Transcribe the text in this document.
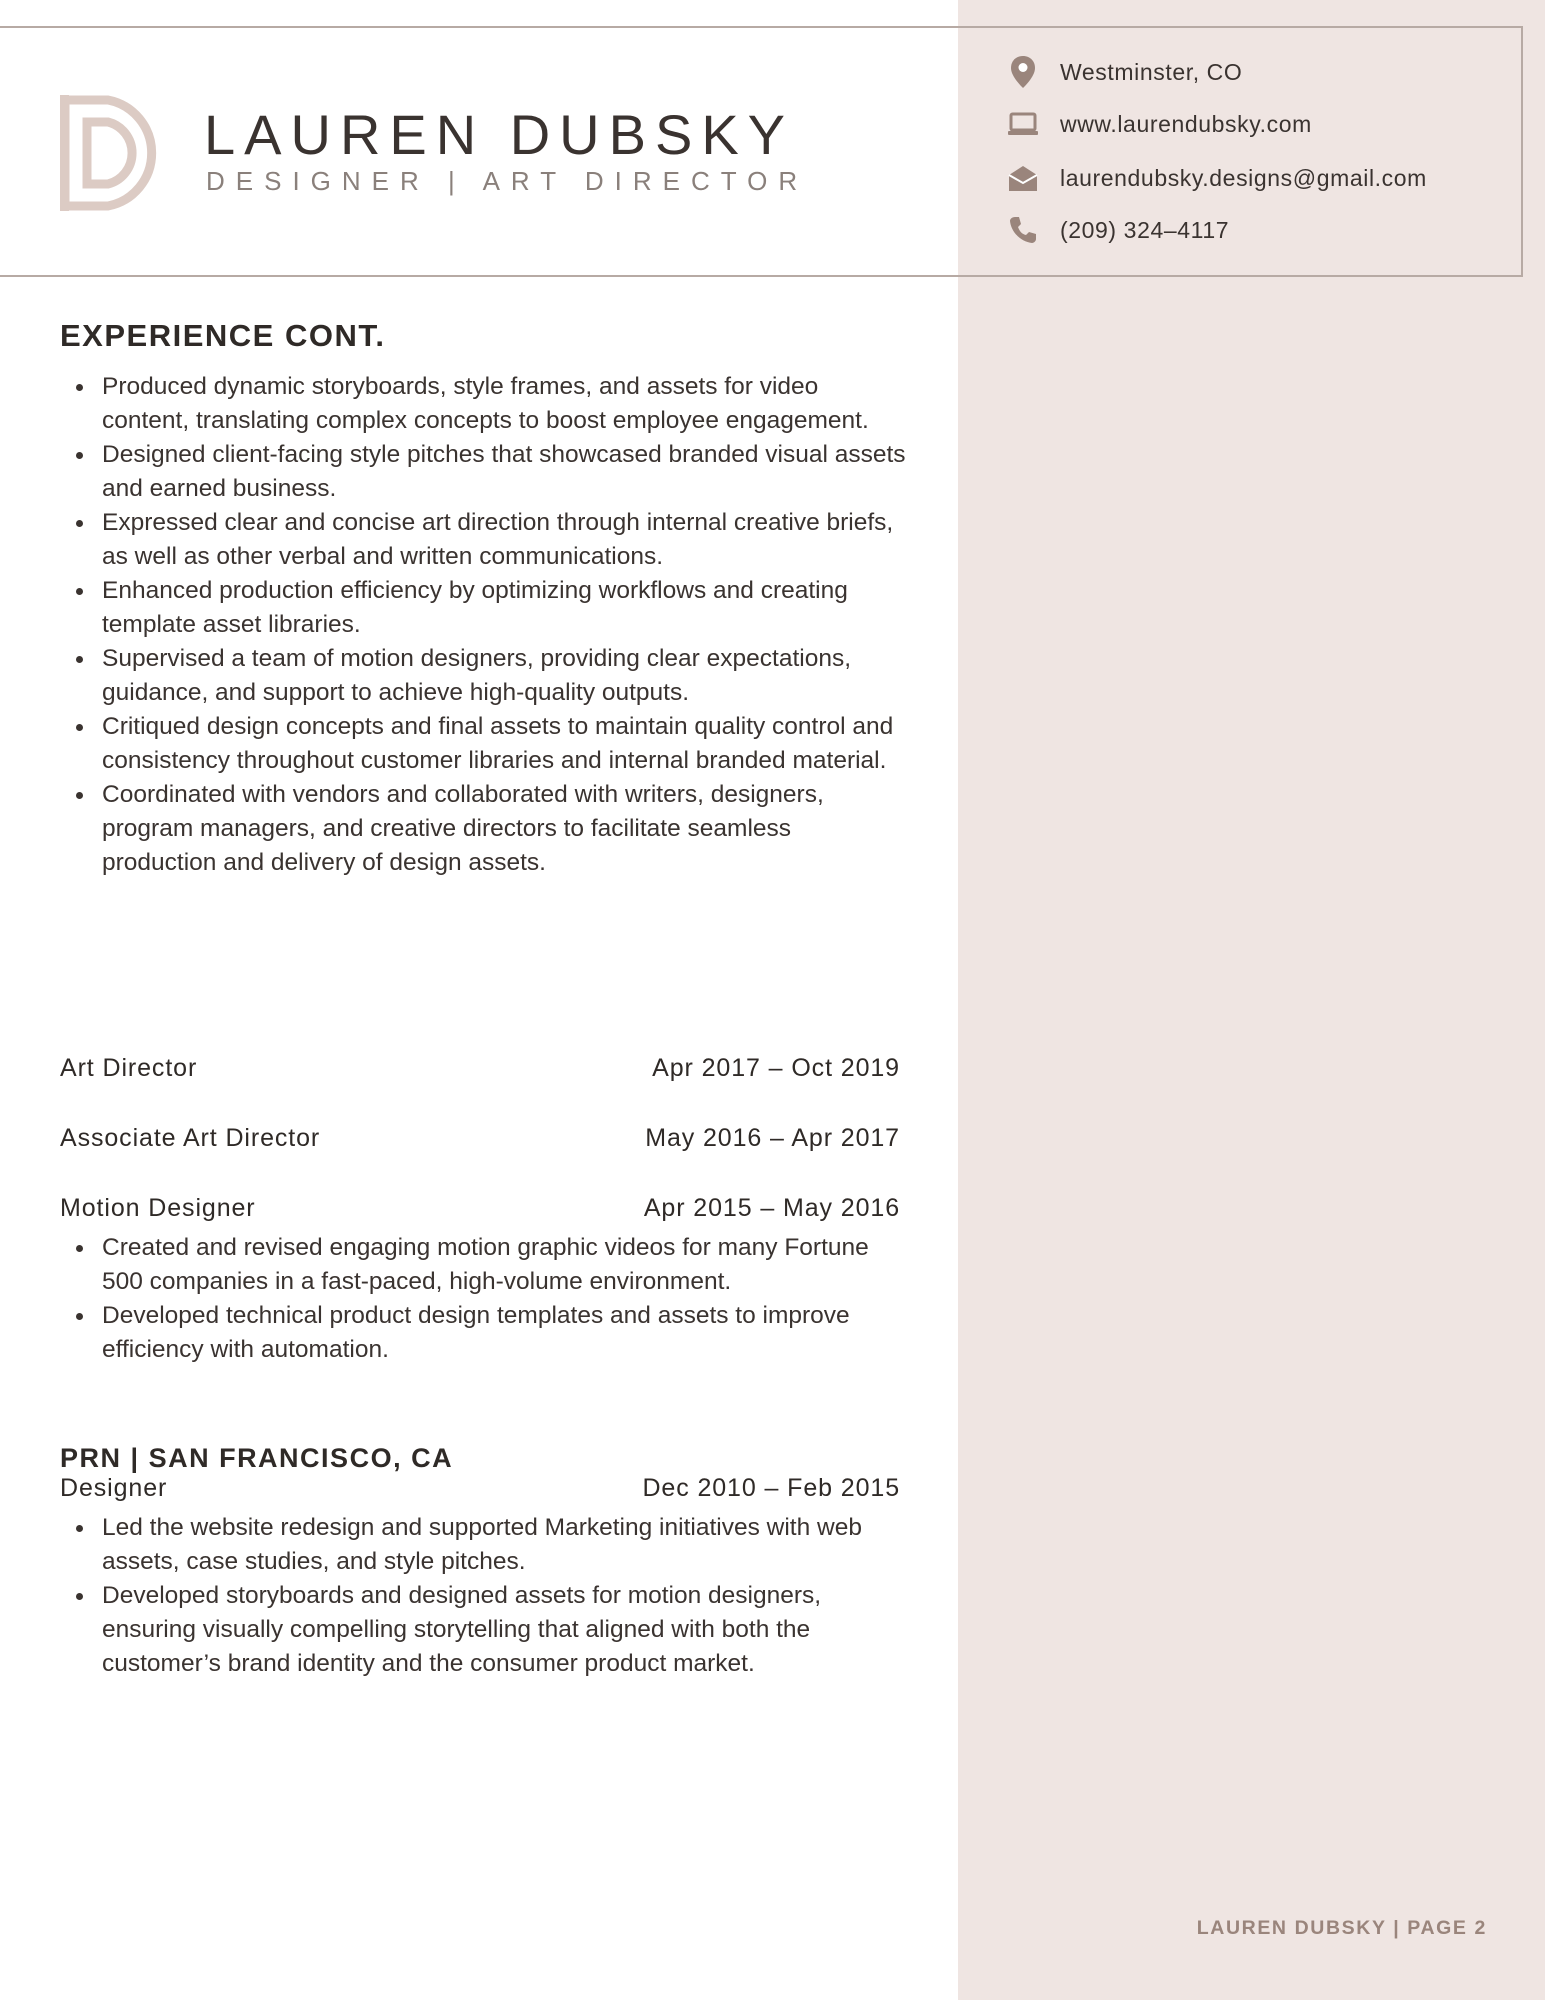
LAUREN DUBSKY
DESIGNER | ART DIRECTOR
Westminster, CO
www.laurendubsky.com
laurendubsky.designs@gmail.com
(209) 324–4117
EXPERIENCE CONT.
Produced dynamic storyboards, style frames, and assets for video content, translating complex concepts to boost employee engagement.
Designed client-facing style pitches that showcased branded visual assets and earned business.
Expressed clear and concise art direction through internal creative briefs, as well as other verbal and written communications.
Enhanced production efficiency by optimizing workflows and creating template asset libraries.
Supervised a team of motion designers, providing clear expectations, guidance, and support to achieve high-quality outputs.
Critiqued design concepts and final assets to maintain quality control and consistency throughout customer libraries and internal branded material.
Coordinated with vendors and collaborated with writers, designers, program managers, and creative directors to facilitate seamless production and delivery of design assets.
Art Director	Apr 2017 – Oct 2019
Associate Art Director	May 2016 – Apr 2017
Motion Designer	Apr 2015 – May 2016
Created and revised engaging motion graphic videos for many Fortune 500 companies in a fast-paced, high-volume environment.
Developed technical product design templates and assets to improve efficiency with automation.
PRN | SAN FRANCISCO, CA
Designer	Dec 2010 – Feb 2015
Led the website redesign and supported Marketing initiatives with web assets, case studies, and style pitches.
Developed storyboards and designed assets for motion designers, ensuring visually compelling storytelling that aligned with both the customer’s brand identity and the consumer product market.
LAUREN DUBSKY | PAGE 2
